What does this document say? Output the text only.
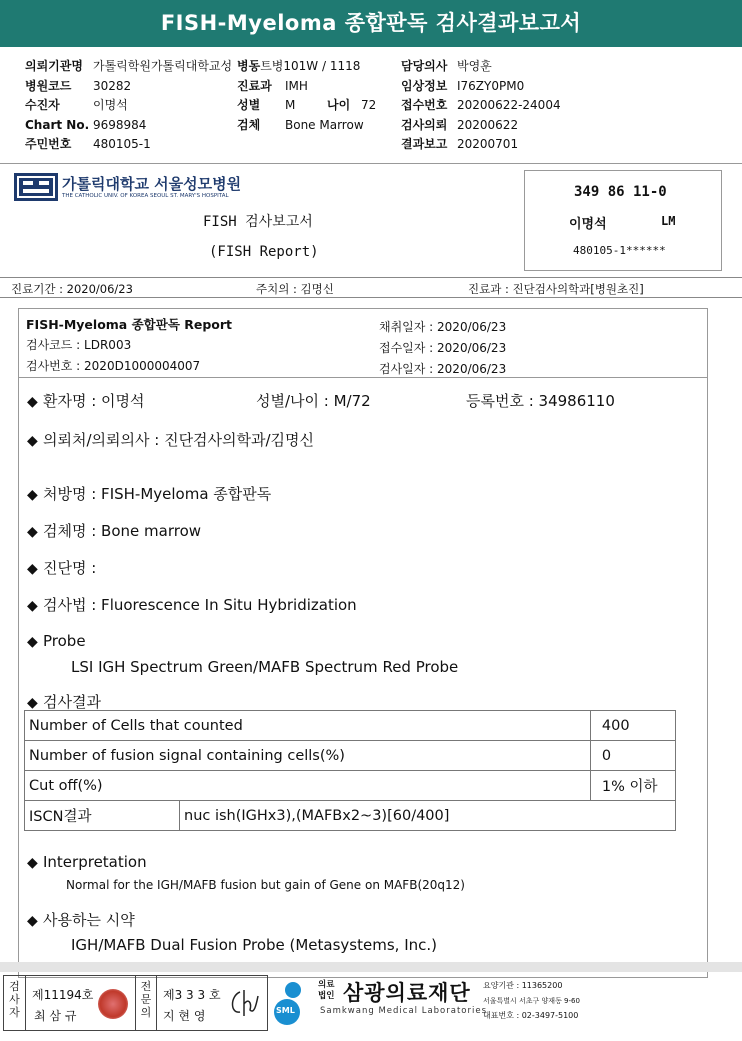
FISH-Myeloma 종합판독 검사결과보고서
의뢰기관명 가톨릭학원가톨릭대학교성
병원코드 30282
수진자	이명석
Chart No. 9698984
주민번호 480105-1
병동트병101W / 1118
진료과 IMH
성별 M	나이 72
검체 Bone Marrow
담당의사 박영훈
임상정보 I76ZY0PM0
접수번호 20200622-24004
검사의뢰 20200622
결과보고 20200701
가톨릭대학교 서울성모병원
THE CATHOLIC UNIV. OF KOREA SEOUL ST. MARY'S HOSPITAL
FISH 검사보고서
(FISH Report)
349 86 11-0
이명석	LM
480105-1******
진료기간 : 2020/06/23	주치의 : 김명신	진료과 : 진단검사의학과[병원초진]
FISH-Myeloma 종합판독 Report
검사코드 : LDR003
검사번호 : 2020D1000004007
채취일자 : 2020/06/23
접수일자 : 2020/06/23
검사일자 : 2020/06/23
◆ 환자명 : 이명석	성별/나이 : M/72	등록번호 : 34986110
◆ 의뢰처/의뢰의사 : 진단검사의학과/김명신
◆ 처방명 : FISH-Myeloma 종합판독
◆ 검체명 : Bone marrow
◆ 진단명 :
◆ 검사법 : Fluorescence In Situ Hybridization
◆ Probe
LSI IGH Spectrum Green/MAFB Spectrum Red Probe
◆ 검사결과
Number of Cells that counted		400
Number of fusion signal containing cells(%)		0
Cut off(%)		1% 이하
ISCN결과	nuc ish(IGHx3),(MAFBx2~3)[60/400]	
◆ Interpretation
Normal for the IGH/MAFB fusion but gain of Gene on MAFB(20q12)
◆ 사용하는 시약
IGH/MAFB Dual Fusion Probe (Metasystems, Inc.)
검사자
제11194호
최 삼 규
전문의
제3 3 3 호
지 현 영	SML
의료법인 삼광의료재단
Samkwang Medical Laboratories
요양기관 : 11365200
서울특별시 서초구 양재동 9-60
대표번호 : 02-3497-5100
